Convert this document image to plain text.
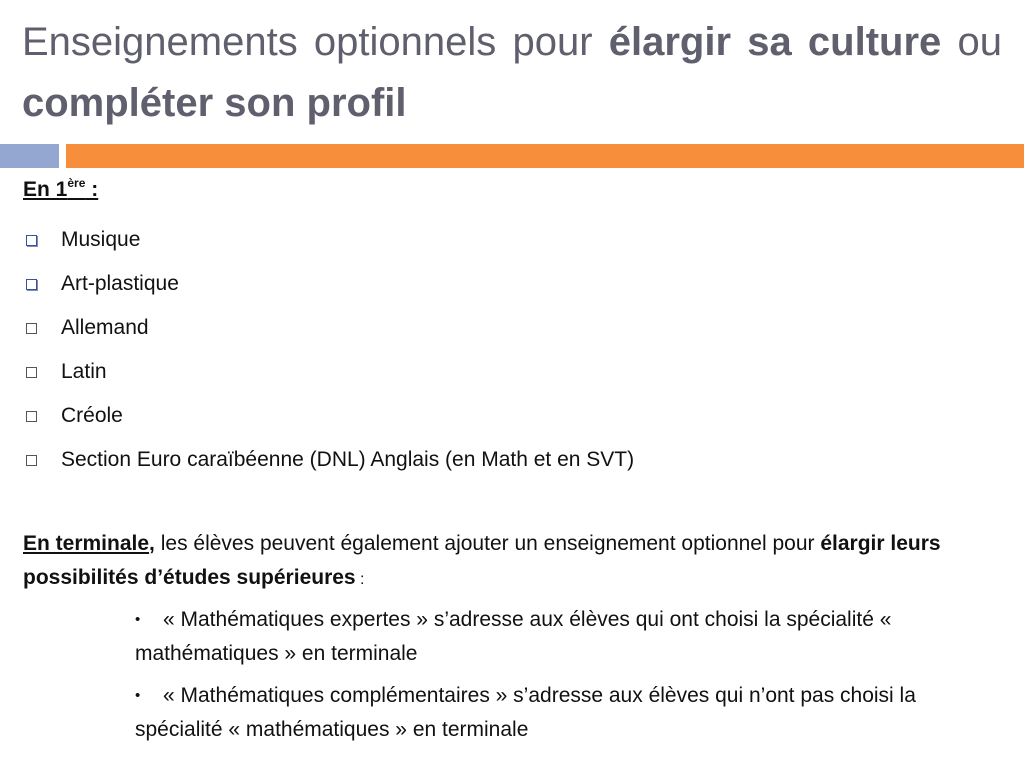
Enseignements optionnels pour élargir sa culture ou compléter son profil
En 1ère :
Musique
Art-plastique
Allemand
Latin
Créole
Section Euro caraïbéenne (DNL) Anglais (en Math et en SVT)

En terminale, les élèves peuvent également ajouter un enseignement optionnel pour élargir leurs possibilités d’études supérieures :

• « Mathématiques expertes » s’adresse aux élèves qui ont choisi la spécialité « mathématiques » en terminale
• « Mathématiques complémentaires » s’adresse aux élèves qui n’ont pas choisi la spécialité « mathématiques » en terminale
